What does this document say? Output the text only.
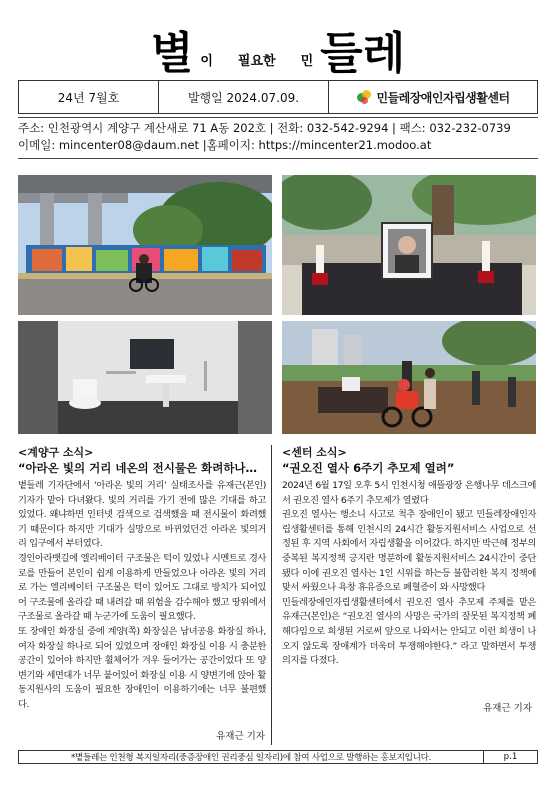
별 이 필요한 민 들레
24년 7월호	발행일 2024.07.09.	민들레장애인자립생활센터
주소: 인천광역시 계양구 계산새로 71 A동 202호 | 전화: 032-542-9294 | 팩스: 032-232-0739
이메일: mincenter08@daum.net |홈페이지: https://mincenter21.modoo.at
<계양구 소식>
“아라온 빛의 거리 네온의 전시물은 화려하나…

볕들레 기자단에서 ‘아라온 빛의 거리’ 실태조사를 유재근(본인) 기자가 맡아 다녀왔다. 빛의 거리를 가기 전에 많은 기대를 하고 있었다. 왜냐하면 인터넷 검색으로 검색했을 때 전시물이 화려했기 때문이다 하지만 기대가 실망으로 바뀌었던건 아라온 빛의거리 입구에서 부터였다.

경인아라뱃길에 엘리베이터 구조물은 턱이 있었나 시멘트로 경사로를 만들어 본인이 쉽게 이용하게 만들었으나 아라온 빛의 거리로 가는 엘리베이터 구조물은 턱이 있어도 그대로 방치가 되어있어 구조물에 올라갈 때 내려갈 때 위험을 감수해야 했고 땅위에서 구조물로 올라갈 때 누군가에 도움이 필요했다.

또 장애인 화장실 중에 계양(쪽) 화장실은 남녀공용 화장실 하나, 여자 화장실 하나로 되어 있었으며 장애인 화장실 이용 시 충분한 공간이 있어야 하지만 휠체어가 겨우 들어가는 공간이었다 또 양변기와 세면대가 너무 붙어있어 화장실 이용 시 양변기에 앉아 활동지원사의 도움이 필요한 장애인이 이용하기에는 너무 불편했다.

유재근 기자
<센터 소식>
“권오진 열사 6주기 추모제 열려”

2024년 6월 17일 오후 5시 인천시청 애뜰광장 은행나무 데스크에서 권오진 열사 6주기 추모제가 열렸다

권오진 열사는 행소니 사고로 척추 장애인이 됐고 민들레장애인자립생활센터를 통해 인천시의 24시간 활동지원서비스 사업으로 선정된 후 지역 사회에서 자립생활을 이어갔다. 하지만 박근혜 정부의 중복된 복지정책 긍지란 명분하에 활동지원서비스 24시간이 중단됐다 이에 권오진 열사는 1인 시위를 하는등 불합리한 복지 정책에 맞서 싸웠으나 욕창 휴유증으로 폐혈증이 와 사망했다

민들레장애인자립생활센터에서 권오진 열사 추모제 주체를 맡은 유재근(본인)은 “권오진 열사의 사망은 국가의 잘못된 복지정책 폐해다임으로 희생된 거로써 앞으로 나와서는 안되고 이런 희생이 나오지 않도록 장애계가 더욱더 투쟁해야한다.” 라고 말하면서 투쟁의지를 다졌다.

유재근 기자
*볕들레는 인천형 복지일자리(중증장애인 권리중심 일자리)에 참여 사업으로 발행하는 홍보지입니다.	p.1
